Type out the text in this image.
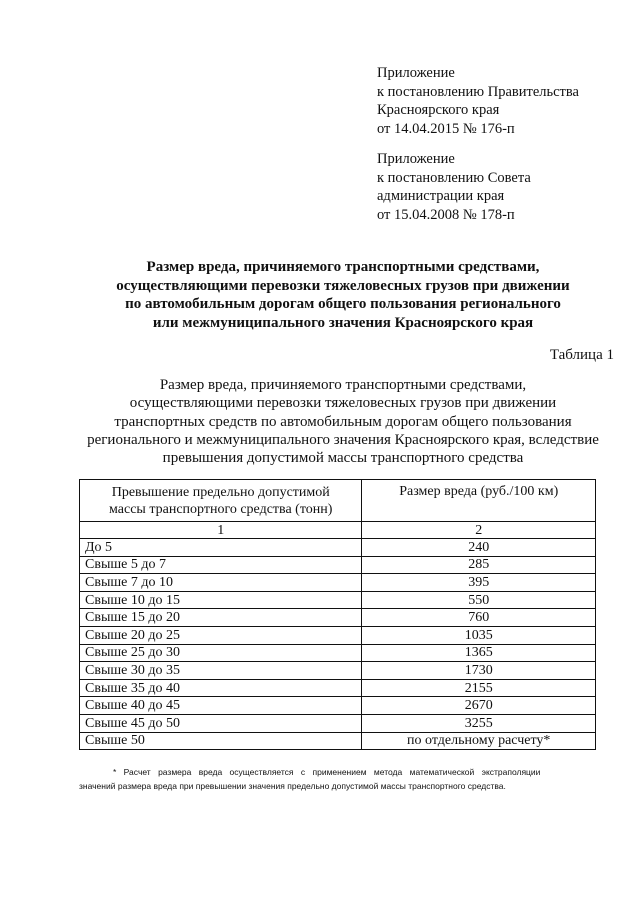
Приложение
к постановлению Правительства
Красноярского края
от 14.04.2015 № 176-п
Приложение
к постановлению Совета
администрации края
от 15.04.2008 № 178-п
Размер вреда, причиняемого транспортными средствами,
осуществляющими перевозки тяжеловесных грузов при движении
по автомобильным дорогам общего пользования регионального
или межмуниципального значения Красноярского края
Таблица 1
Размер вреда, причиняемого транспортными средствами,
осуществляющими перевозки тяжеловесных грузов при движении
транспортных средств по автомобильным дорогам общего пользования
регионального и межмуниципального значения Красноярского края, вследствие
превышения допустимой массы транспортного средства
Превышение предельно допустимой
массы транспортного средства (тонн)	Размер вреда (руб./100 км)
1	2
До 5	240
Свыше 5 до 7	285
Свыше 7 до 10	395
Свыше 10 до 15	550
Свыше 15 до 20	760
Свыше 20 до 25	1035
Свыше 25 до 30	1365
Свыше 30 до 35	1730
Свыше 35 до 40	2155
Свыше 40 до 45	2670
Свыше 45 до 50	3255
Свыше 50	по отдельному расчету*
* Расчет размера вреда осуществляется с применением метода математической экстраполяции
значений размера вреда при превышении значения предельно допустимой массы транспортного средства.
